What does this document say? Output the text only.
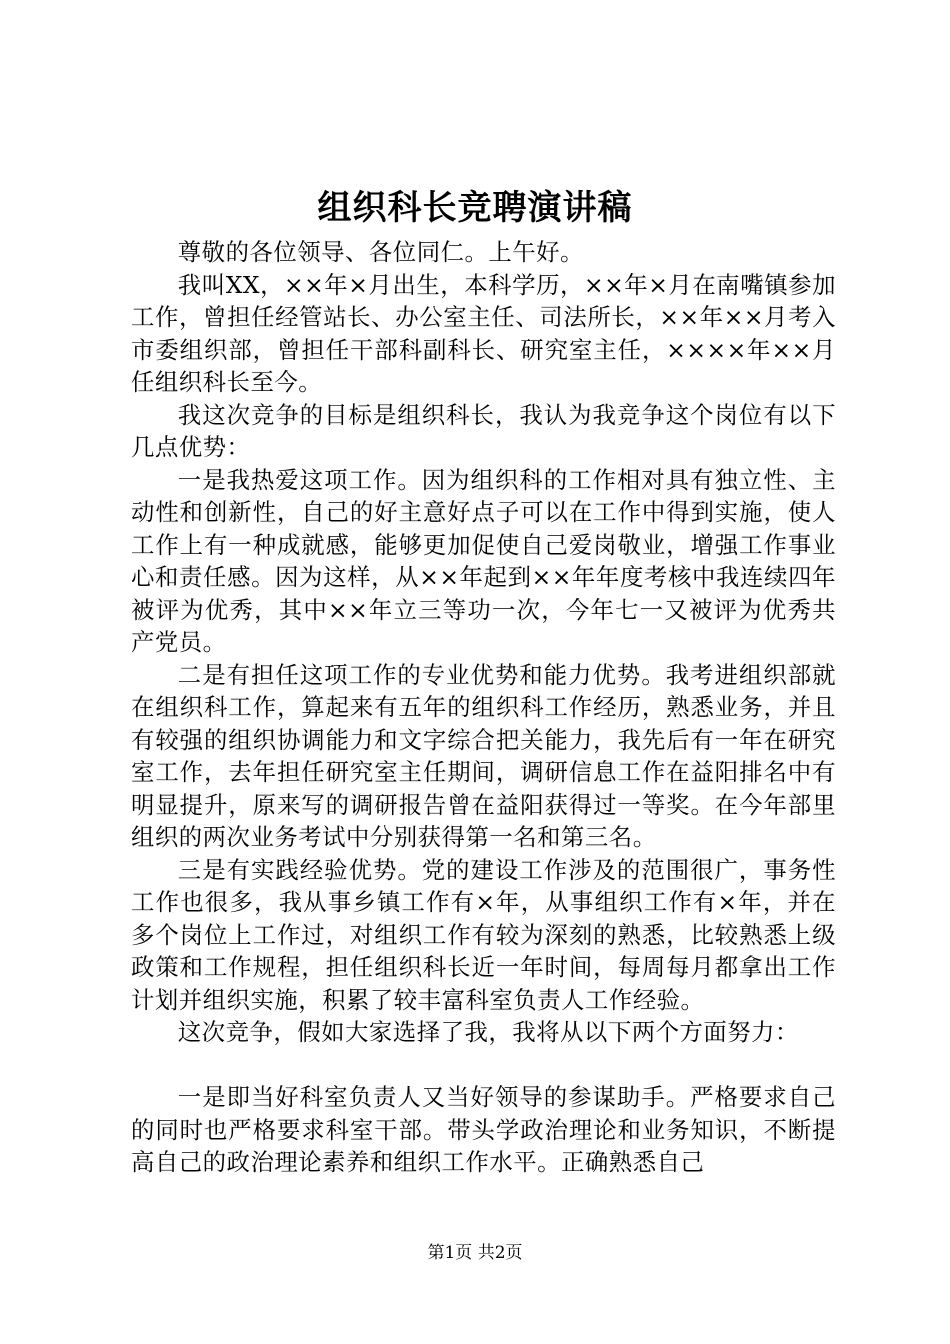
组织科长竞聘演讲稿

尊敬的各位领导、各位同仁。上午好。

我叫XX，××年×月出生，本科学历，××年×月在南嘴镇参加工作，曾担任经管站长、办公室主任、司法所长，××年××月考入市委组织部，曾担任干部科副科长、研究室主任，××××年××月任组织科长至今。

我这次竞争的目标是组织科长，我认为我竞争这个岗位有以下几点优势：

一是我热爱这项工作。因为组织科的工作相对具有独立性、主动性和创新性，自己的好主意好点子可以在工作中得到实施，使人工作上有一种成就感，能够更加促使自己爱岗敬业，增强工作事业心和责任感。因为这样，从××年起到××年年度考核中我连续四年被评为优秀，其中××年立三等功一次，今年七一又被评为优秀共产党员。

二是有担任这项工作的专业优势和能力优势。我考进组织部就在组织科工作，算起来有五年的组织科工作经历，熟悉业务，并且有较强的组织协调能力和文字综合把关能力，我先后有一年在研究室工作，去年担任研究室主任期间，调研信息工作在益阳排名中有明显提升，原来写的调研报告曾在益阳获得过一等奖。在今年部里组织的两次业务考试中分别获得第一名和第三名。

三是有实践经验优势。党的建设工作涉及的范围很广，事务性工作也很多，我从事乡镇工作有×年，从事组织工作有×年，并在多个岗位上工作过，对组织工作有较为深刻的熟悉，比较熟悉上级政策和工作规程，担任组织科长近一年时间，每周每月都拿出工作计划并组织实施，积累了较丰富科室负责人工作经验。

这次竞争，假如大家选择了我，我将从以下两个方面努力：

一是即当好科室负责人又当好领导的参谋助手。严格要求自己的同时也严格要求科室干部。带头学政治理论和业务知识，不断提高自己的政治理论素养和组织工作水平。正确熟悉自己

第1页 共2页
